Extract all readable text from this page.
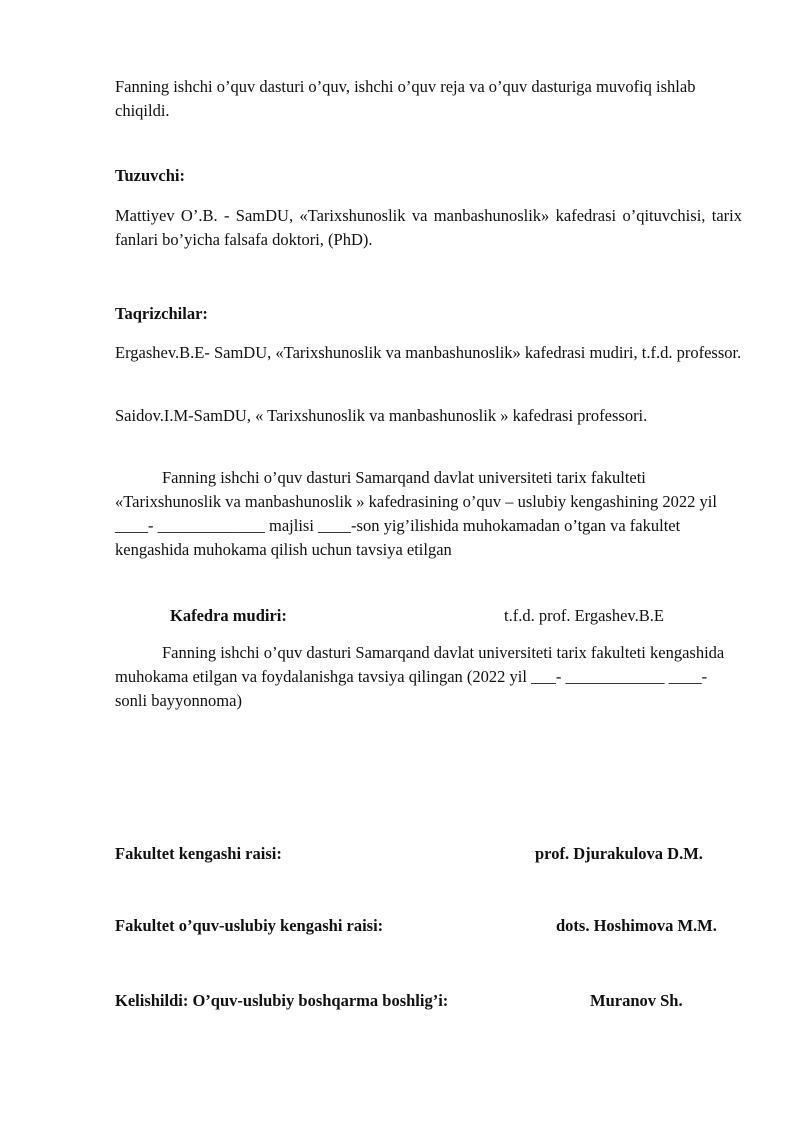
Fanning ishchi o’quv dasturi o’quv, ishchi o’quv reja va o’quv dasturiga muvofiq ishlab chiqildi.

Tuzuvchi:

Mattiyev O’.B. - SamDU, «Tarixshunoslik va manbashunoslik» kafedrasi o’qituvchisi, tarix fanlari bo’yicha falsafa doktori, (PhD).

Taqrizchilar:

Ergashev.B.E- SamDU, «Tarixshunoslik va manbashunoslik» kafedrasi mudiri, t.f.d. professor.

Saidov.I.M-SamDU, « Tarixshunoslik va manbashunoslik » kafedrasi professori.

Fanning ishchi o’quv dasturi Samarqand davlat universiteti tarix fakulteti «Tarixshunoslik va manbashunoslik » kafedrasining o’quv – uslubiy kengashining 2022 yil ____- _____________ majlisi ____-son yig’ilishida muhokamadan o’tgan va fakultet kengashida muhokama qilish uchun tavsiya etilgan

Kafedra mudiri:	t.f.d. prof. Ergashev.B.E

Fanning ishchi o’quv dasturi Samarqand davlat universiteti tarix fakulteti kengashida muhokama etilgan va foydalanishga tavsiya qilingan (2022 yil ___- ____________ ____-sonli bayyonnoma)

Fakultet kengashi raisi:	prof. Djurakulova D.M.
Fakultet o’quv-uslubiy kengashi raisi:	dots. Hoshimova M.M.
Kelishildi: O’quv-uslubiy boshqarma boshlig’i:	Muranov Sh.
